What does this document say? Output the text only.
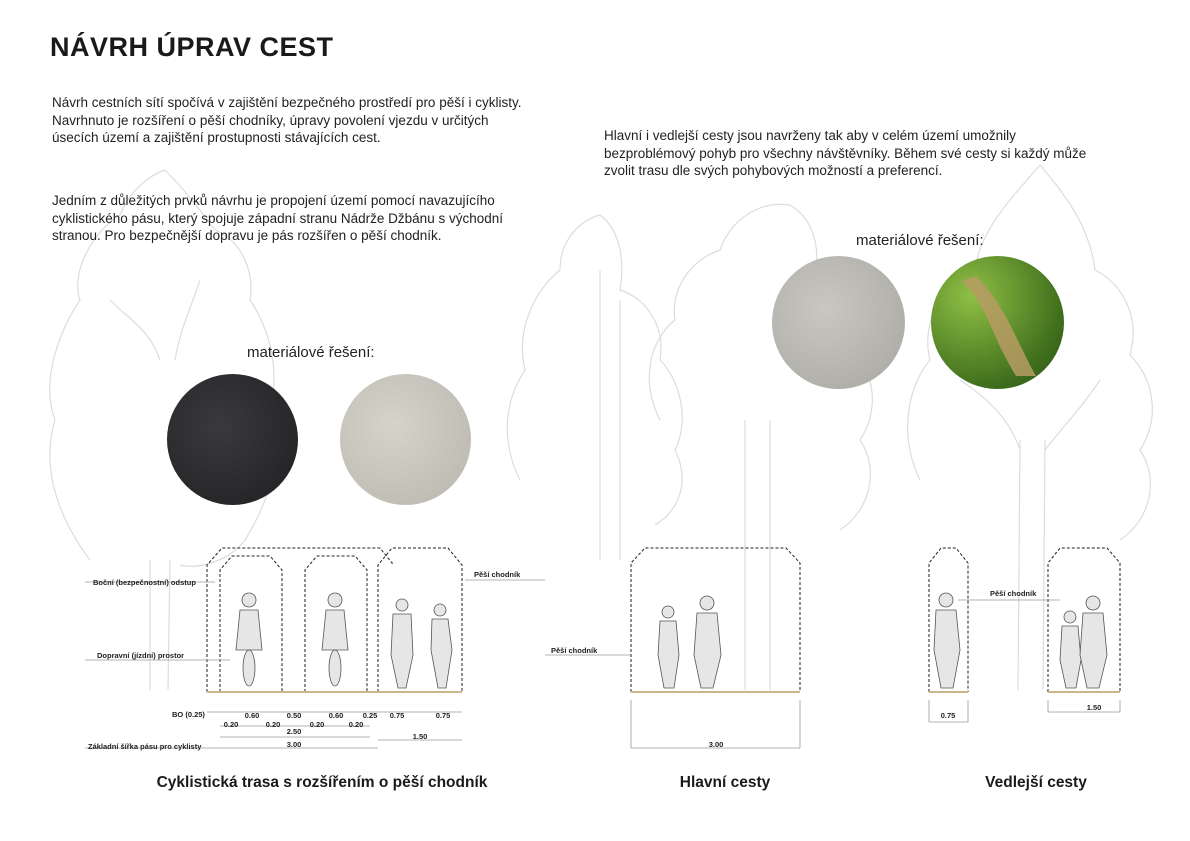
NÁVRH ÚPRAV CEST
Návrh cestních sítí spočívá v zajištění bezpečného prostředí pro pěší i cyklisty.
Navrhnuto je rozšíření o pěší chodníky, úpravy povolení vjezdu v určitých
úsecích území a zajištění prostupnosti stávajících cest.
Jedním z důležitých prvků návrhu je propojení území pomocí navazujícího
cyklistického pásu, který spojuje západní stranu Nádrže Džbánu s východní
stranou. Pro bezpečnější dopravu je pás rozšířen o pěší chodník.
Hlavní i vedlejší cesty jsou navrženy tak aby v celém území umožnily
bezproblémový pohyb pro všechny návštěvníky. Během své cesty si každý může
zvolit trasu dle svých pohybových možností a preferencí.
materiálové řešení:
materiálové řešení:
Boční (bezpečnostní) odstup
Dopravní (jízdní) prostor
Pěší chodník
BO (0.25)
Základní šířka pásu pro cyklisty
0.60	0.50	0.60	0.25 0.75	0.75
0.20	0.20	0.20	0.20
2.50
3.00
1.50
Pěší chodník
3.00
Pěší chodník
0.75
1.50
Cyklistická trasa s rozšířením o pěší chodník	Hlavní cesty	Vedlejší cesty
